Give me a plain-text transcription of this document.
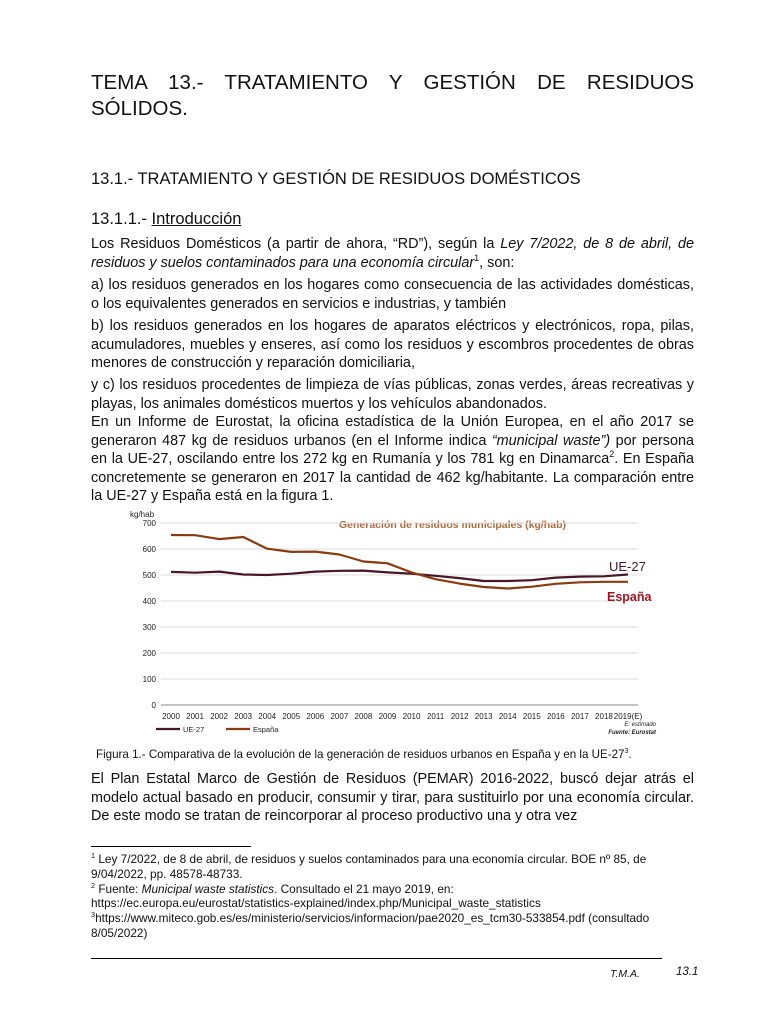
TEMA 13.- TRATAMIENTO Y GESTIÓN DE RESIDUOS SÓLIDOS.
13.1.- TRATAMIENTO Y GESTIÓN DE RESIDUOS DOMÉSTICOS
13.1.1.- Introducción

Los Residuos Domésticos (a partir de ahora, “RD”), según la Ley 7/2022, de 8 de abril, de residuos y suelos contaminados para una economía circular$^1$, son:

a) los residuos generados en los hogares como consecuencia de las actividades domésticas, o los equivalentes generados en servicios e industrias, y también

b) los residuos generados en los hogares de aparatos eléctricos y electrónicos, ropa, pilas, acumuladores, muebles y enseres, así como los residuos y escombros procedentes de obras menores de construcción y reparación domiciliaria,

y c) los residuos procedentes de limpieza de vías públicas, zonas verdes, áreas recreativas y playas, los animales domésticos muertos y los vehículos abandonados.

En un Informe de Eurostat, la oficina estadística de la Unión Europea, en el año 2017 se generaron 487 kg de residuos urbanos (en el Informe indica “municipal waste”) por persona en la UE-27, oscilando entre los 272 kg en Rumanía y los 781 kg en Dinamarca$^2$. En España concretemente se generaron en 2017 la cantidad de 462 kg/habitante. La comparación entre la UE-27 y España está en la figura 1.

kg/hab
Generación de residuos municipales (kg/hab)
0
100
200
300
400
500
600
700
2000 2001 2002 2003 2004 2005 2006 2007 2008 2009 2010 2011 2012 2013 2014 2015 2016 2017 2018 2019(E)
UE-27
España
UE-27	España	E: estimado
Fuente: Eurostat

Figura 1.- Comparativa de la evolución de la generación de residuos urbanos en España y en la $UE-27^3$.

El Plan Estatal Marco de Gestión de Residuos (PEMAR) 2016-2022, buscó dejar atrás el modelo actual basado en producir, consumir y tirar, para sustituirlo por una economía circular. De este modo se tratan de reincorporar al proceso productivo una y otra vez

$^1$ Ley 7/2022, de 8 de abril, de residuos y suelos contaminados para una economía circular. BOE nº 85, de 9/04/2022, pp. 48578-48733.

$^2$ Fuente: Municipal waste statistics. Consultado el 21 mayo 2019, en:
https://ec.europa.eu/eurostat/statistics-explained/index.php/Municipal_waste_statistics

$^3$https://www.miteco.gob.es/es/ministerio/servicios/informacion/pae2020_es_tcm30-533854.pdf (consultado 8/05/2022)

T.M.A.	13.1
